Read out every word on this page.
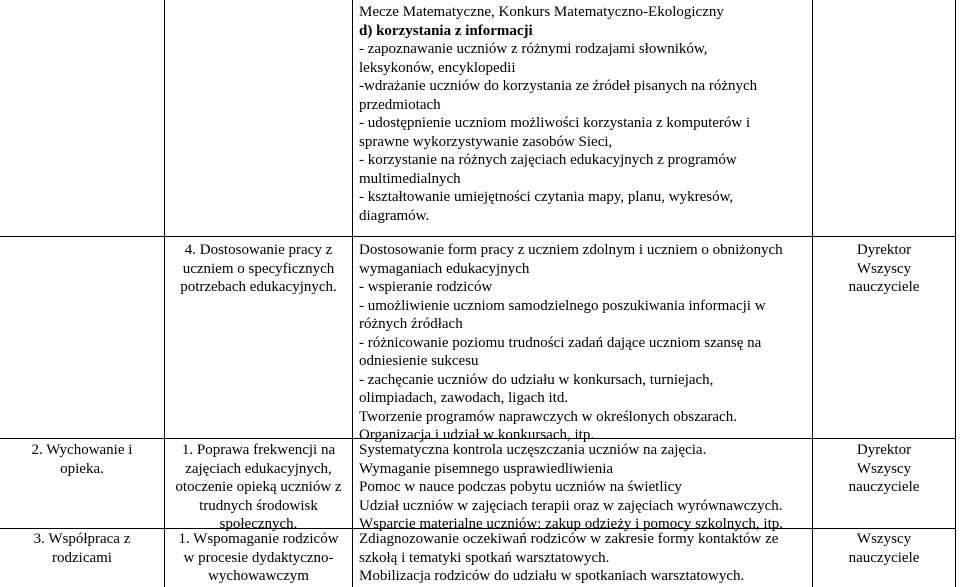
Mecze Matematyczne, Konkurs Matematyczno-Ekologiczny
d) korzystania z informacji
- zapoznawanie uczniów z różnymi rodzajami słowników,
leksykonów, encyklopedii
-wdrażanie uczniów do korzystania ze źródeł pisanych na różnych
przedmiotach
- udostępnienie uczniom możliwości korzystania z komputerów i
sprawne wykorzystywanie zasobów Sieci,
- korzystanie na różnych zajęciach edukacyjnych z programów
multimedialnych
- kształtowanie umiejętności czytania mapy, planu, wykresów,
diagramów.
4. Dostosowanie pracy z
uczniem o specyficznych
potrzebach edukacyjnych.
Dostosowanie form pracy z uczniem zdolnym i uczniem o obniżonych
wymaganiach edukacyjnych
- wspieranie rodziców
- umożliwienie uczniom samodzielnego poszukiwania informacji w
różnych źródłach
- różnicowanie poziomu trudności zadań dające uczniom szansę na
odniesienie sukcesu
- zachęcanie uczniów do udziału w konkursach, turniejach,
olimpiadach, zawodach, ligach itd.
Tworzenie programów naprawczych w określonych obszarach.
Organizacja i udział w konkursach, itp.
Dyrektor
Wszyscy
nauczyciele
2. Wychowanie i
opieka.
1. Poprawa frekwencji na
zajęciach edukacyjnych,
otoczenie opieką uczniów z
trudnych środowisk
społecznych.
Systematyczna kontrola uczęszczania uczniów na zajęcia.
Wymaganie pisemnego usprawiedliwienia
Pomoc w nauce podczas pobytu uczniów na świetlicy
Udział uczniów w zajęciach terapii oraz w zajęciach wyrównawczych.
Wsparcie materialne uczniów: zakup odzieży i pomocy szkolnych, itp.
Dyrektor
Wszyscy
nauczyciele
3. Współpraca z
rodzicami
1. Wspomaganie rodziców
w procesie dydaktyczno-
wychowawczym
Zdiagnozowanie oczekiwań rodziców w zakresie formy kontaktów ze
szkołą i tematyki spotkań warsztatowych.
Mobilizacja rodziców do udziału w spotkaniach warsztatowych.
Wszyscy
nauczyciele
